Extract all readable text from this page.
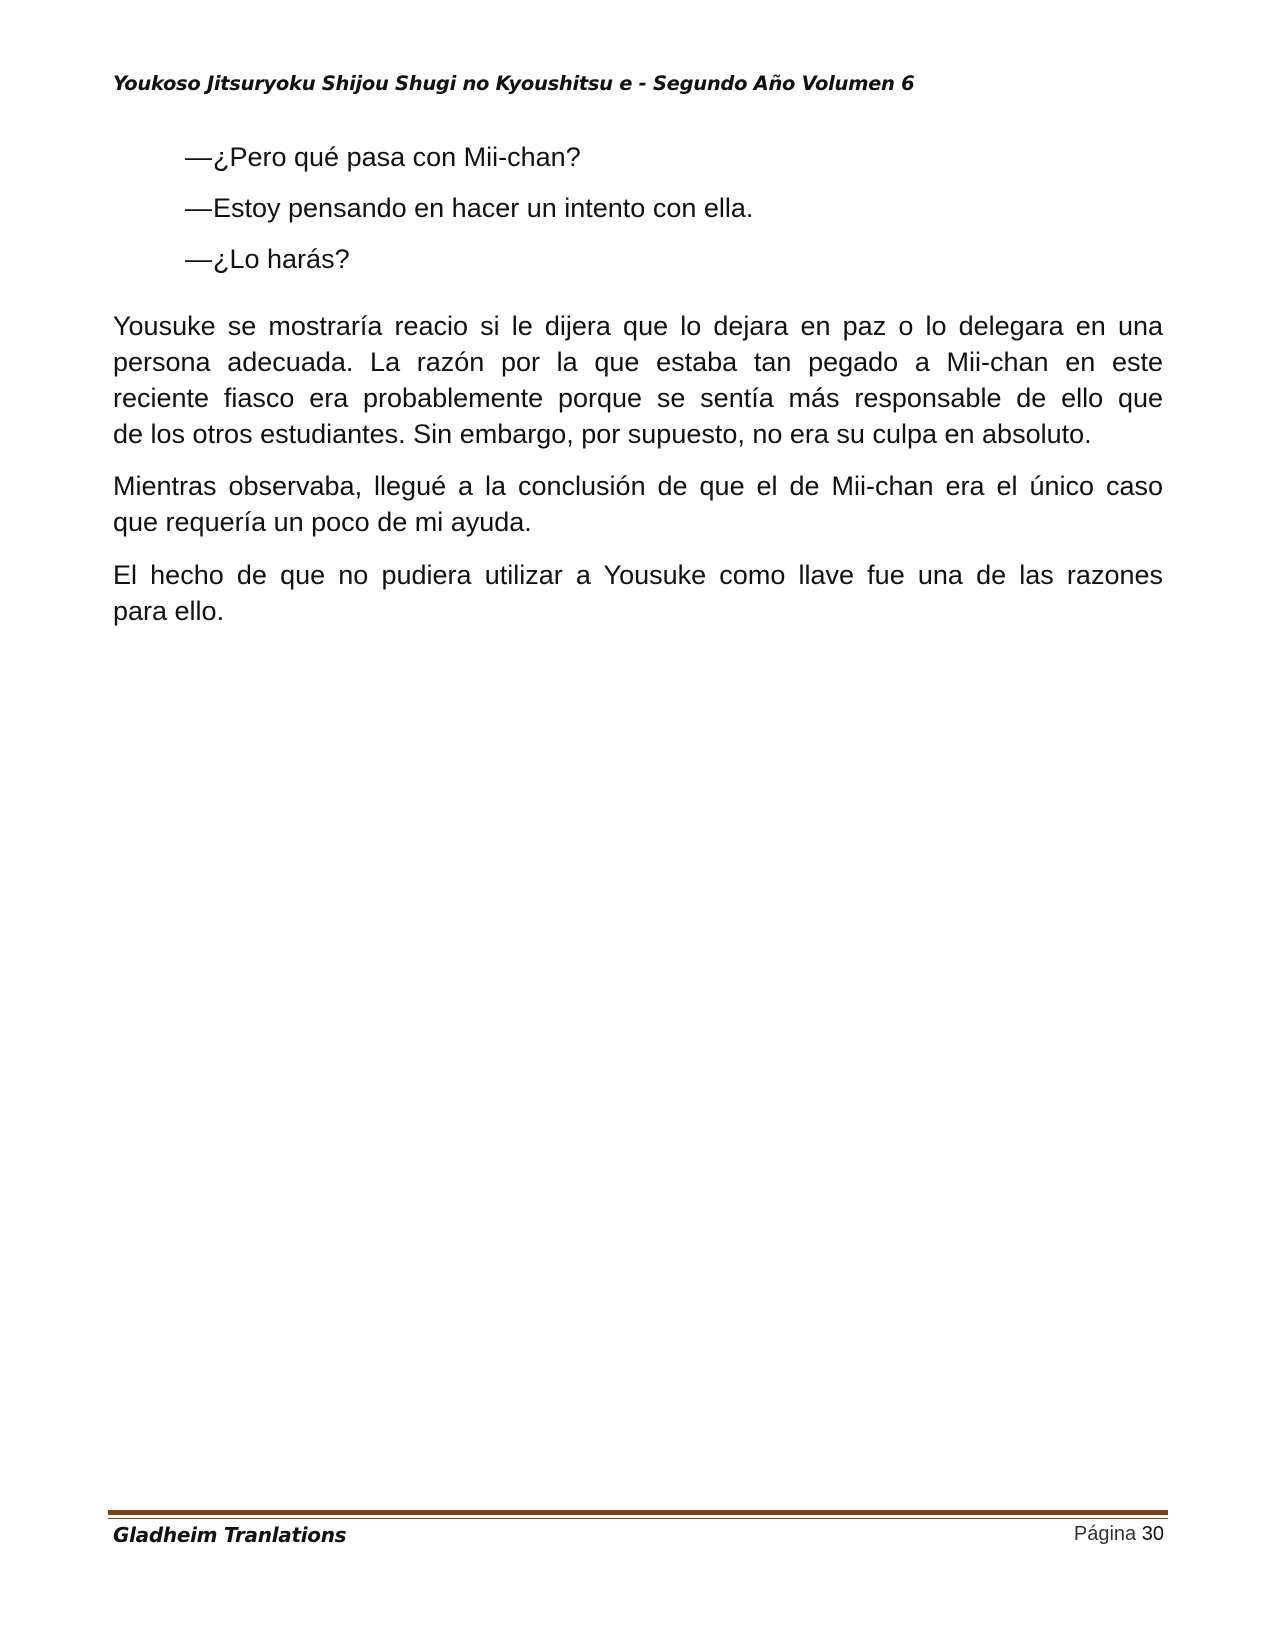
Youkoso Jitsuryoku Shijou Shugi no Kyoushitsu e - Segundo Año Volumen 6
—¿Pero qué pasa con Mii-chan?
—Estoy pensando en hacer un intento con ella.
—¿Lo harás?
Yousuke se mostraría reacio si le dijera que lo dejara en paz o lo delegara en una
persona adecuada. La razón por la que estaba tan pegado a Mii-chan en este
reciente fiasco era probablemente porque se sentía más responsable de ello que
de los otros estudiantes. Sin embargo, por supuesto, no era su culpa en absoluto.
Mientras observaba, llegué a la conclusión de que el de Mii-chan era el único caso
que requería un poco de mi ayuda.
El hecho de que no pudiera utilizar a Yousuke como llave fue una de las razones
para ello.
Gladheim Tranlations	Página 30
